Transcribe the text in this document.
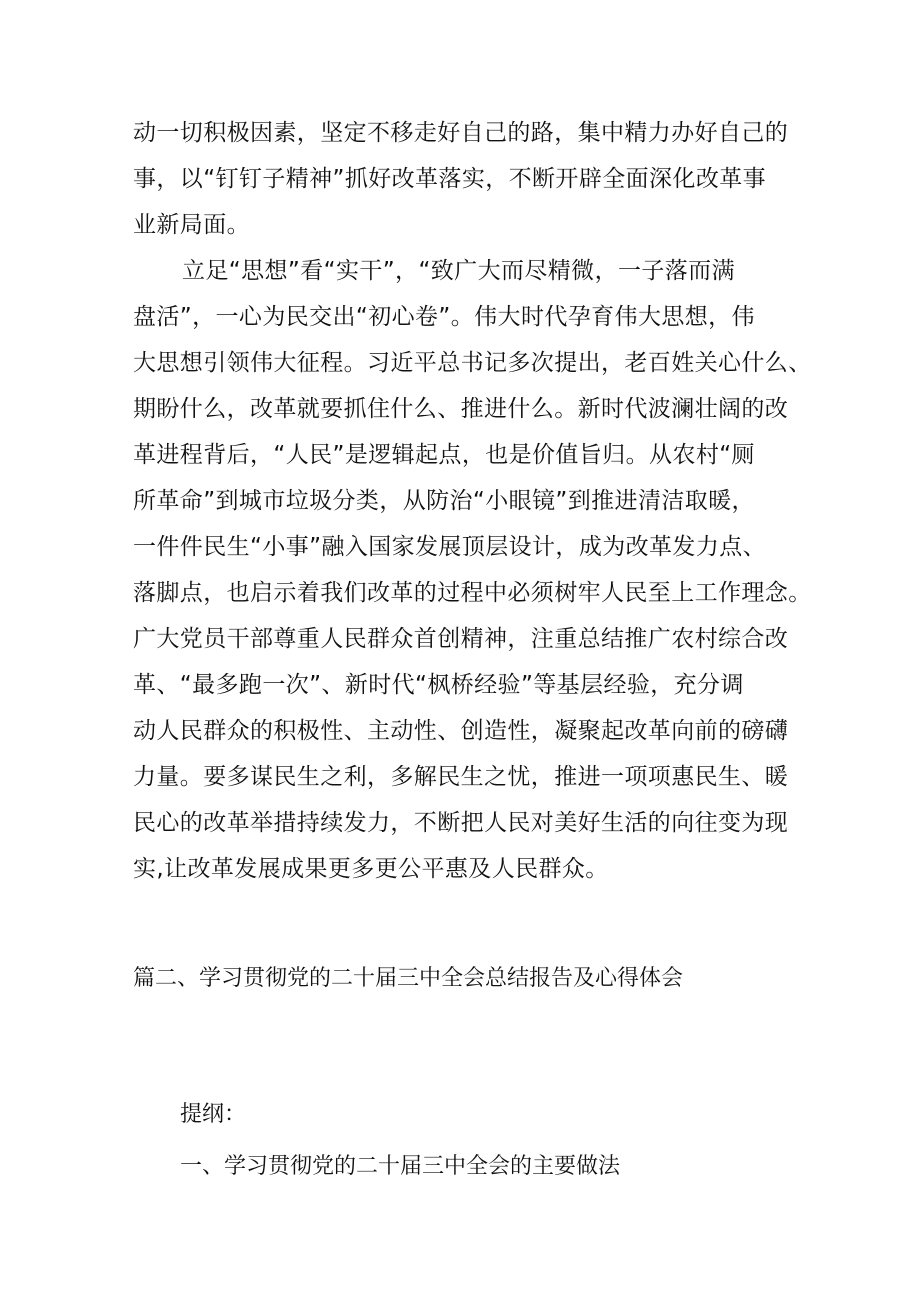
动一切积极因素，坚定不移走好自己的路，集中精力办好自己的
事，以“钉钉子精神”抓好改革落实，不断开辟全面深化改革事
业新局面。
立足“思想”看“实干”，“致广大而尽精微，一子落而满
盘活”，一心为民交出“初心卷”。伟大时代孕育伟大思想，伟
大思想引领伟大征程。习近平总书记多次提出，老百姓关心什么、
期盼什么，改革就要抓住什么、推进什么。新时代波澜壮阔的改
革进程背后，“人民”是逻辑起点，也是价值旨归。从农村“厕
所革命”到城市垃圾分类，从防治“小眼镜”到推进清洁取暖，
一件件民生“小事”融入国家发展顶层设计，成为改革发力点、
落脚点，也启示着我们改革的过程中必须树牢人民至上工作理念。
广大党员干部尊重人民群众首创精神，注重总结推广农村综合改
革、“最多跑一次”、新时代“枫桥经验”等基层经验，充分调
动人民群众的积极性、主动性、创造性，凝聚起改革向前的磅礴
力量。要多谋民生之利，多解民生之忧，推进一项项惠民生、暖
民心的改革举措持续发力，不断把人民对美好生活的向往变为现
实,让改革发展成果更多更公平惠及人民群众。
篇二、学习贯彻党的二十届三中全会总结报告及心得体会
提纲：
一、学习贯彻党的二十届三中全会的主要做法
